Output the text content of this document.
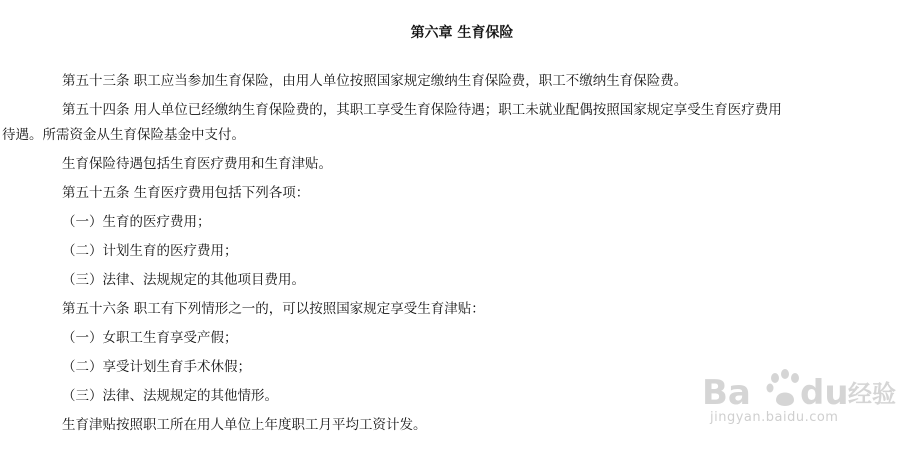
第六章 生育保险
第五十三条 职工应当参加生育保险，由用人单位按照国家规定缴纳生育保险费，职工不缴纳生育保险费。
第五十四条 用人单位已经缴纳生育保险费的，其职工享受生育保险待遇；职工未就业配偶按照国家规定享受生育医疗费用
待遇。所需资金从生育保险基金中支付。
生育保险待遇包括生育医疗费用和生育津贴。
第五十五条 生育医疗费用包括下列各项：
（一）生育的医疗费用；
（二）计划生育的医疗费用；
（三）法律、法规规定的其他项目费用。
第五十六条 职工有下列情形之一的，可以按照国家规定享受生育津贴：
（一）女职工生育享受产假；
（二）享受计划生育手术休假；
（三）法律、法规规定的其他情形。
生育津贴按照职工所在用人单位上年度职工月平均工资计发。
Ba du 经验
jingyan.baidu.com
